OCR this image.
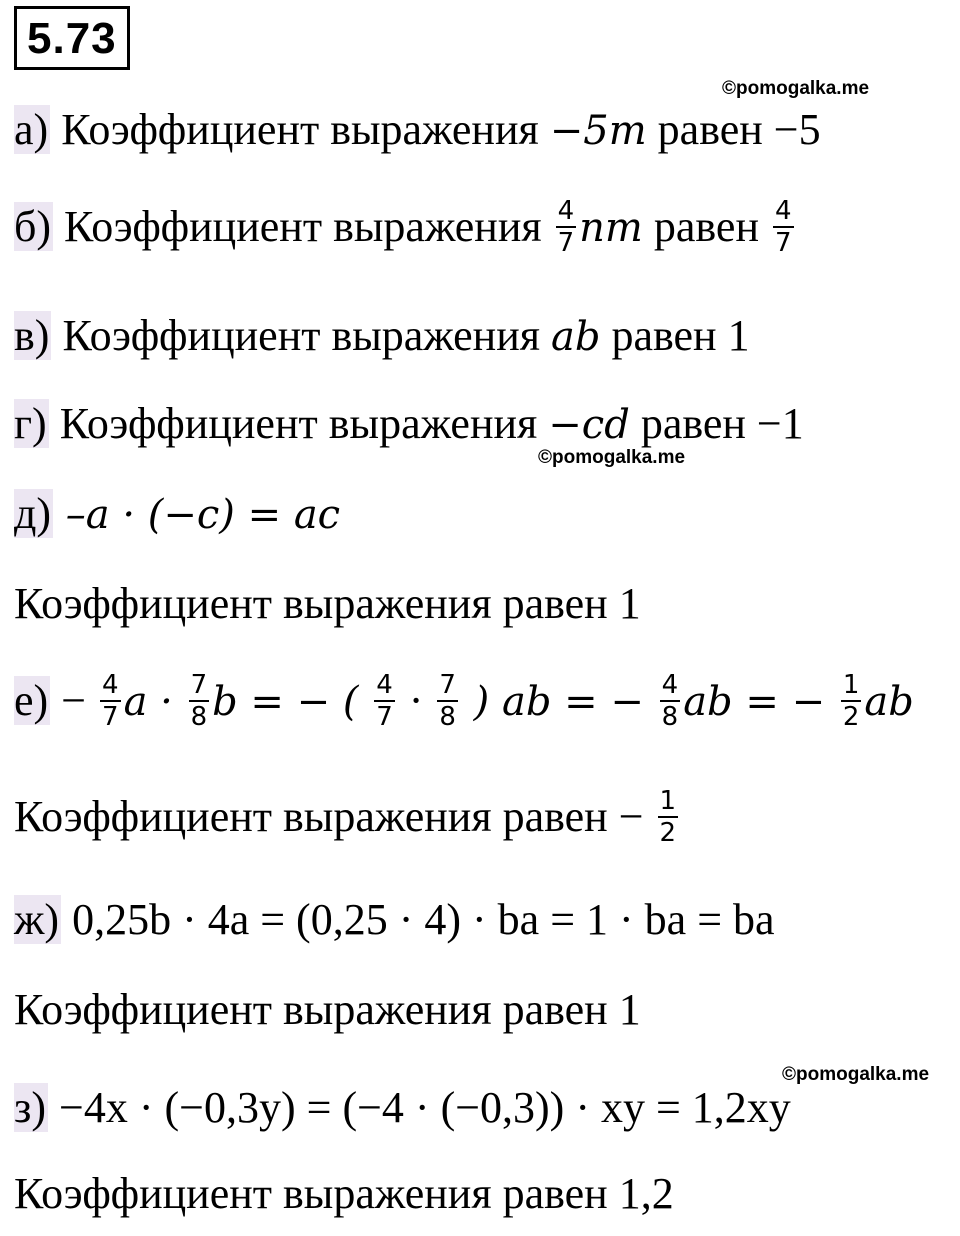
5.73
©pomogalka.me
©pomogalka.me
©pomogalka.me
а) Коэффициент выражения −5m равен −5
б) Коэффициент выражения $\frac{4}{7}$ nm равен $\frac{4}{7}$
в) Коэффициент выражения ab равен 1
г) Коэффициент выражения −cd равен −1
д) –a · (−c) = ac
Коэффициент выражения равен 1
$е) - \frac{4}{7}$ $a \cdot \frac{7}{8}$ b = − ( $\frac{4}{7} \cdot \frac{7}{8}$ ) ab = − $\frac{4}{8}$ ab = − $\frac{1}{2}$ ab
Коэффициент выражения равен − $\frac{1}{2}$
ж) 0,25b · 4a = (0,25 · 4) · ba = 1 · ba = ba
Коэффициент выражения равен 1
з) −4x · (−0,3y) = (−4 · (−0,3)) · xy = 1,2xy
Коэффициент выражения равен 1,2
